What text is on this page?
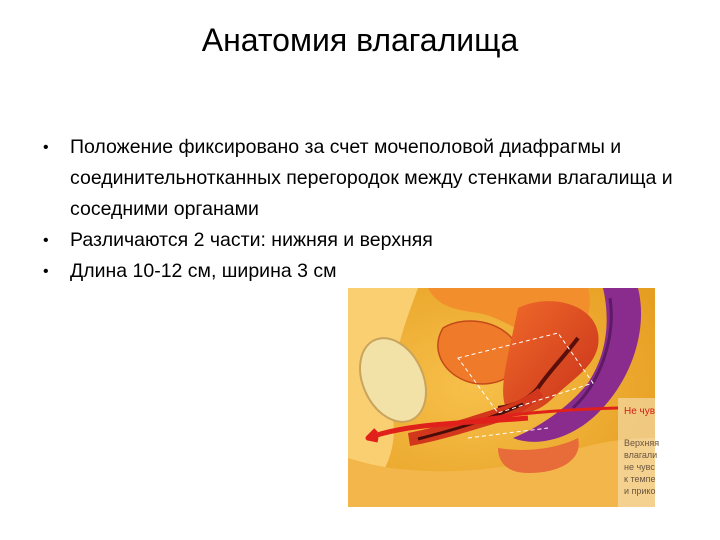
Анатомия влагалища
• Положение фиксировано за счет мочеполовой диафрагмы и соединительнотканных перегородок между стенками влагалища и соседними органами
• Различаются 2 части: нижняя и верхняя
• Длина 10-12 см, ширина 3 см
Не чув
Верхняя
влагали
не чувс
к темпе
и прико
